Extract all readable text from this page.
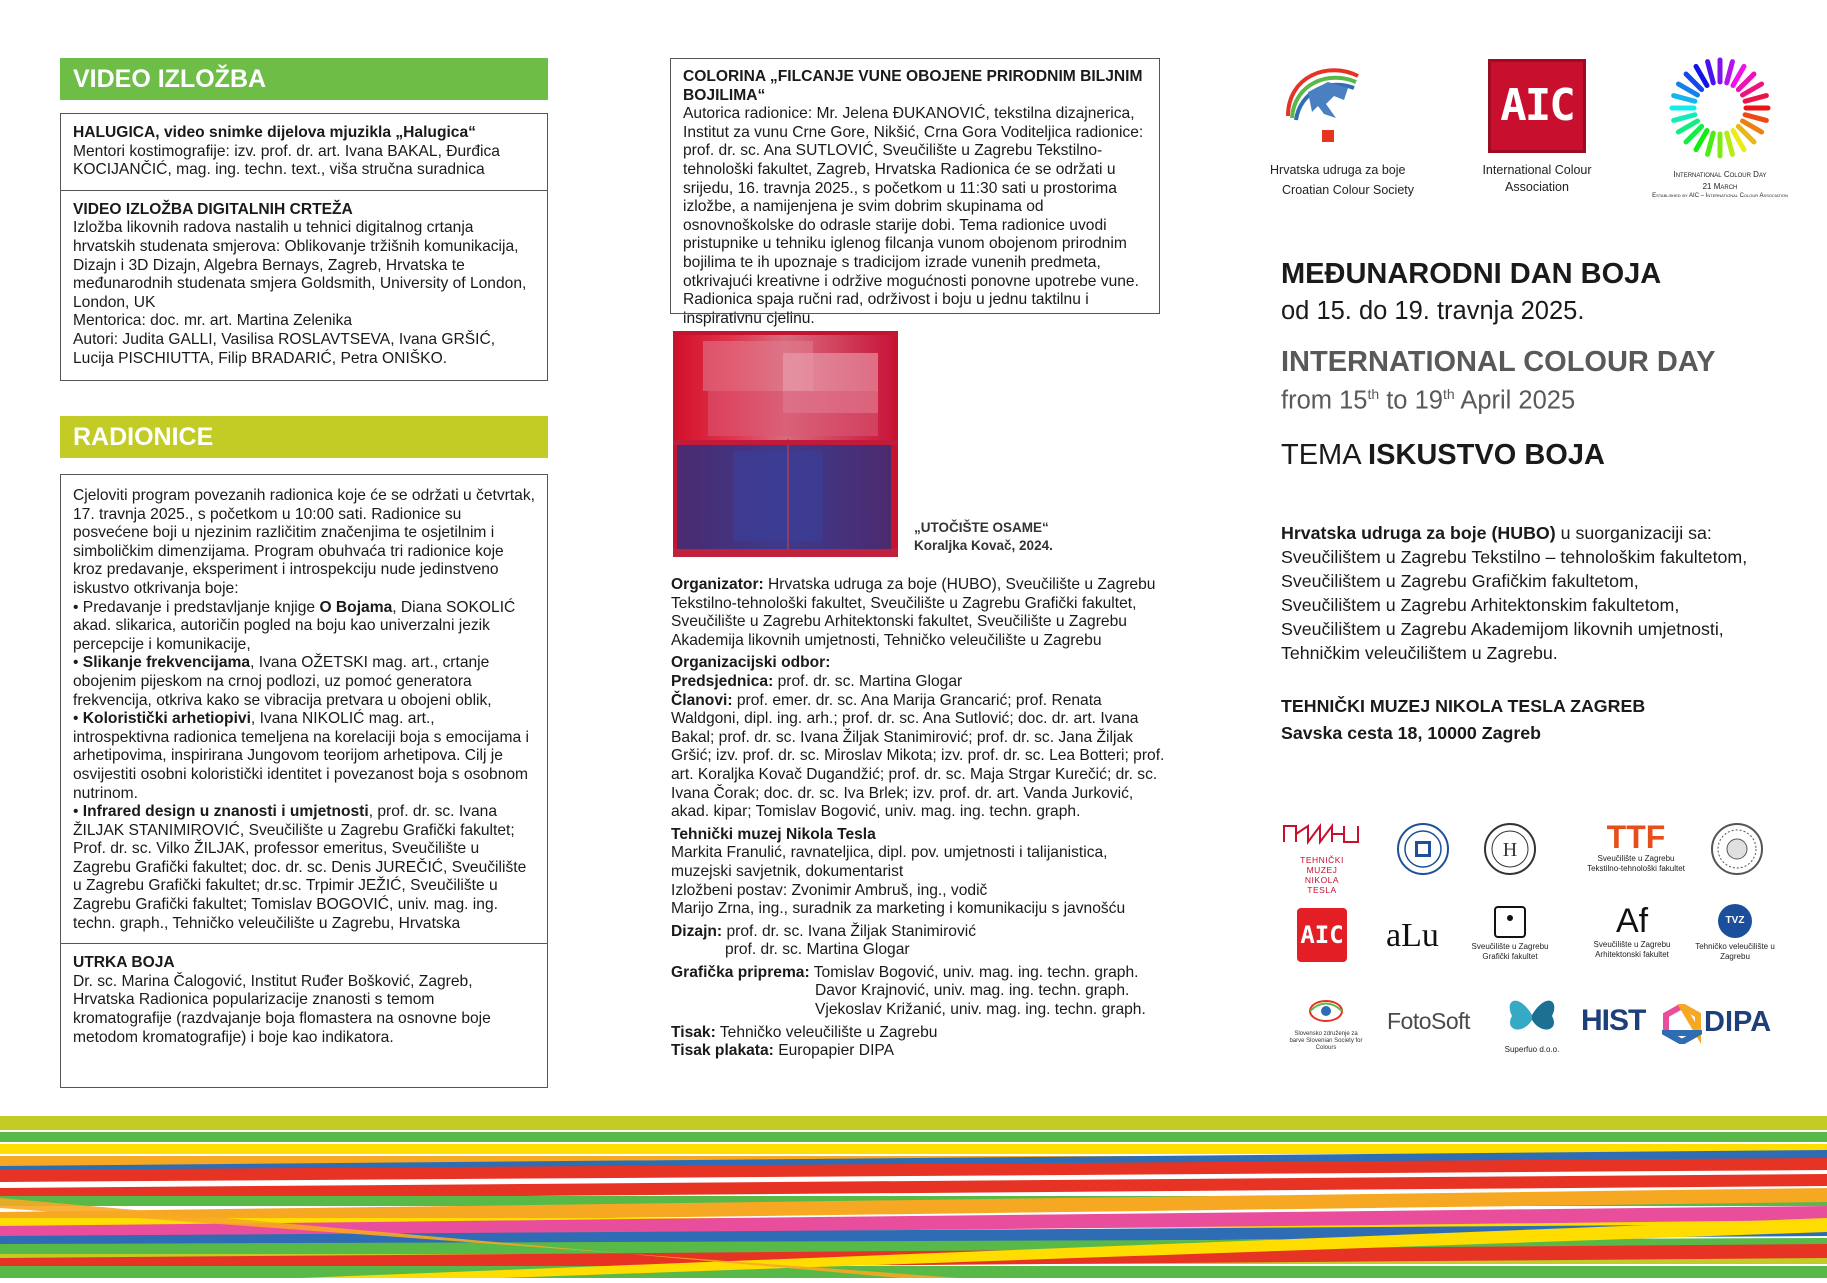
VIDEO IZLOŽBA

HALUGICA, video snimke dijelova mjuzikla „Halugica“

Mentori kostimografije: izv. prof. dr. art. Ivana BAKAL, Đurđica KOCIJANČIĆ, mag. ing. techn. text., viša stručna suradnica

VIDEO IZLOŽBA DIGITALNIH CRTEŽA

Izložba likovnih radova nastalih u tehnici digitalnog crtanja hrvatskih studenata smjerova: Oblikovanje tržišnih komunikacija, Dizajn i 3D Dizajn, Algebra Bernays, Zagreb, Hrvatska te međunarodnih studenata smjera Goldsmith, University of London, London, UK

Mentorica: doc. mr. art. Martina Zelenika

Autori: Judita GALLI, Vasilisa ROSLAVTSEVA, Ivana GRŠIĆ, Lucija PISCHIUTTA, Filip BRADARIĆ, Petra ONIŠKO.

RADIONICE

Cjeloviti program povezanih radionica koje će se održati u četvrtak, 17. travnja 2025., s početkom u 10:00 sati. Radionice su posvećene boji u njezinim različitim značenjima te osjetilnim i simboličkim dimenzijama. Program obuhvaća tri radionice koje kroz predavanje, eksperiment i introspekciju nude jedinstveno iskustvo otkrivanja boje:

• Predavanje i predstavljanje knjige O Bojama, Diana SOKOLIĆ akad. slikarica, autoričin pogled na boju kao univerzalni jezik percepcije i komunikacije,

• Slikanje frekvencijama, Ivana OŽETSKI mag. art., crtanje obojenim pijeskom na crnoj podlozi, uz pomoć generatora frekvencija, otkriva kako se vibracija pretvara u obojeni oblik,

• Koloristički arhetiopivi, Ivana NIKOLIĆ mag. art., introspektivna radionica temeljena na korelaciji boja s emocijama i arhetipovima, inspirirana Jungovom teorijom arhetipova. Cilj je osvijestiti osobni koloristički identitet i povezanost boja s osobnom nutrinom.

• Infrared design u znanosti i umjetnosti, prof. dr. sc. Ivana ŽILJAK STANIMIROVIĆ, Sveučilište u Zagrebu Grafički fakultet; Prof. dr. sc. Vilko ŽILJAK, professor emeritus, Sveučilište u Zagrebu Grafički fakultet; doc. dr. sc. Denis JUREČIĆ, Sveučilište u Zagrebu Grafički fakultet; dr.sc. Trpimir JEŽIĆ, Sveučilište u Zagrebu Grafički fakultet; Tomislav BOGOVIĆ, univ. mag. ing. techn. graph., Tehničko veleučilište u Zagrebu, Hrvatska

UTRKA BOJA

Dr. sc. Marina Čalogović, Institut Ruđer Bošković, Zagreb, Hrvatska Radionica popularizacije znanosti s temom kromatografije (razdvajanje boja flomastera na osnovne boje metodom kromatografije) i boje kao indikatora.

COLORINA „FILCANJE VUNE OBOJENE PRIRODNIM BILJNIM BOJILIMA“

Autorica radionice: Mr. Jelena ĐUKANOVIĆ, tekstilna dizajnerica, Institut za vunu Crne Gore, Nikšić, Crna Gora Voditeljica radionice: prof. dr. sc. Ana SUTLOVIĆ, Sveučilište u Zagrebu Tekstilno-tehnološki fakultet, Zagreb, Hrvatska Radionica će se održati u srijedu, 16. travnja 2025., s početkom u 11:30 sati u prostorima izložbe, a namijenjena je svim dobrim skupinama od osnovnoškolske do odrasle starije dobi. Tema radionice uvodi pristupnike u tehniku iglenog filcanja vunom obojenom prirodnim bojilima te ih upoznaje s tradicijom izrade vunenih predmeta, otkrivajući kreativne i održive mogućnosti ponovne upotrebe vune. Radionica spaja ručni rad, održivost i boju u jednu taktilnu i inspirativnu cjelinu.

„UTOČIŠTE OSAME“
Koraljka Kovač, 2024.

Organizator: Hrvatska udruga za boje (HUBO), Sveučilište u Zagrebu Tekstilno-tehnološki fakultet, Sveučilište u Zagrebu Grafički fakultet, Sveučilište u Zagrebu Arhitektonski fakultet, Sveučilište u Zagrebu Akademija likovnih umjetnosti, Tehničko veleučilište u Zagrebu

Organizacijski odbor:

Predsjednica: prof. dr. sc. Martina Glogar

Članovi: prof. emer. dr. sc. Ana Marija Grancarić; prof. Renata Waldgoni, dipl. ing. arh.; prof. dr. sc. Ana Sutlović; doc. dr. art. Ivana Bakal; prof. dr. sc. Ivana Žiljak Stanimirović; prof. dr. sc. Jana Žiljak Gršić; izv. prof. dr. sc. Miroslav Mikota; izv. prof. dr. sc. Lea Botteri; prof. art. Koraljka Kovač Dugandžić; prof. dr. sc. Maja Strgar Kurečić; dr. sc. Ivana Čorak; doc. dr. sc. Iva Brlek; izv. prof. dr. art. Vanda Jurković, akad. kipar; Tomislav Bogović, univ. mag. ing. techn. graph.

Tehnički muzej Nikola Tesla

Markita Franulić, ravnateljica, dipl. pov. umjetnosti i talijanistica,

muzejski savjetnik, dokumentarist

Izložbeni postav: Zvonimir Ambruš, ing., vodič

Marijo Zrna, ing., suradnik za marketing i komunikaciju s javnošću

Dizajn: prof. dr. sc. Ivana Žiljak Stanimirović

prof. dr. sc. Martina Glogar

Grafička priprema: Tomislav Bogović, univ. mag. ing. techn. graph.

Davor Krajnović, univ. mag. ing. techn. graph.

Vjekoslav Križanić, univ. mag. ing. techn. graph.

Tisak: Tehničko veleučilište u Zagrebu

Tisak plakata: Europapier DIPA

Hrvatska udruga za boje
Croatian Colour Society
AIC
International Colour Association
International Colour Day
21 March
Established by AIC – International Colour Association
MEĐUNARODNI DAN BOJA
od 15. do 19. travnja 2025.
INTERNATIONAL COLOUR DAY
from 15th to 19th April 2025
TEMA ISKUSTVO BOJA
Hrvatska udruga za boje (HUBO) u suorganizaciji sa:
Sveučilištem u Zagrebu Tekstilno – tehnološkim fakultetom,
Sveučilištem u Zagrebu Grafičkim fakultetom,
Sveučilištem u Zagrebu Arhitektonskim fakultetom,
Sveučilištem u Zagrebu Akademijom likovnih umjetnosti,
Tehničkim veleučilištem u Zagrebu.
TEHNIČKI MUZEJ NIKOLA TESLA ZAGREB
Savska cesta 18, 10000 Zagreb
TEHNIČKI MUZEJ NIKOLA TESLA
H	TTF
Sveučilište u Zagrebu Tekstilno-tehnološki fakultet
AIC aLu	Sveučilište u Zagrebu Grafički fakultet
Af
Sveučilište u Zagrebu Arhitektonski fakultet
TVZ
Tehničko veleučilište u Zagrebu
Slovensko združenje za barve Slovenian Society for Colours
FotoSoft
Superfuo d.o.o.
HIST DIPA
